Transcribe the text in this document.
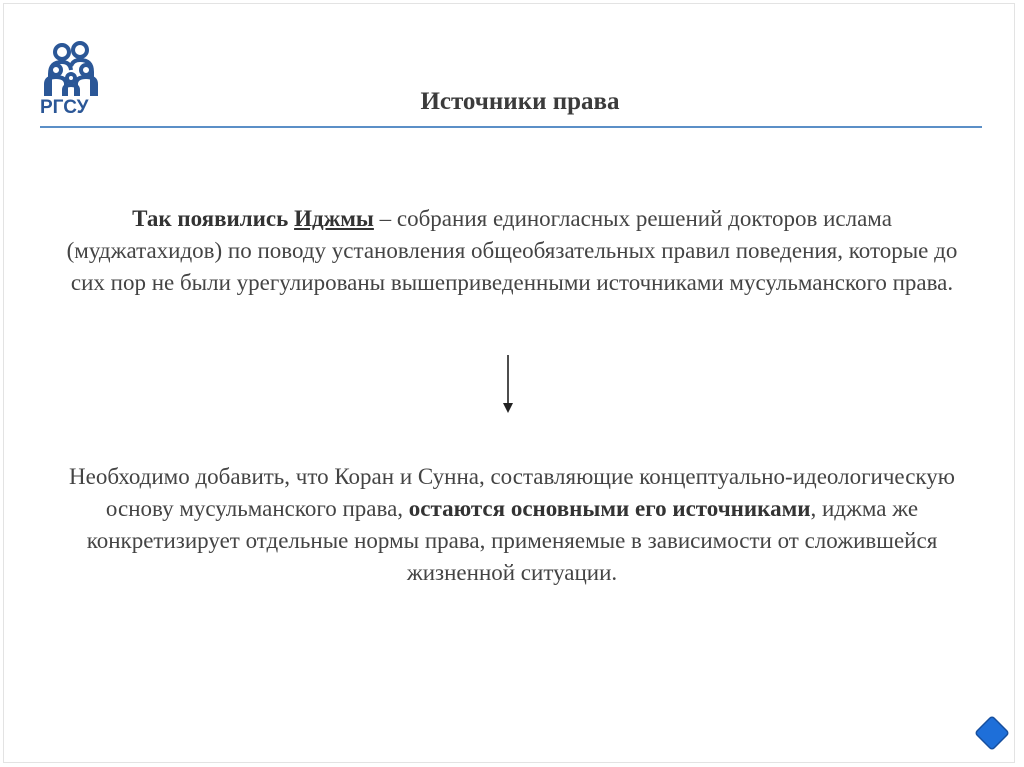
РГСУ	Источники права
Так появились Иджмы – собрания единогласных решений докторов ислама (муджатахидов) по поводу установления общеобязательных правил поведения, которые до сих пор не были урегулированы вышеприведенными источниками мусульманского права.
Необходимо добавить, что Коран и Сунна, составляющие концептуально-идеологическую основу мусульманского права, остаются основными его источниками, иджма же конкретизирует отдельные нормы права, применяемые в зависимости от сложившейся жизненной ситуации.
